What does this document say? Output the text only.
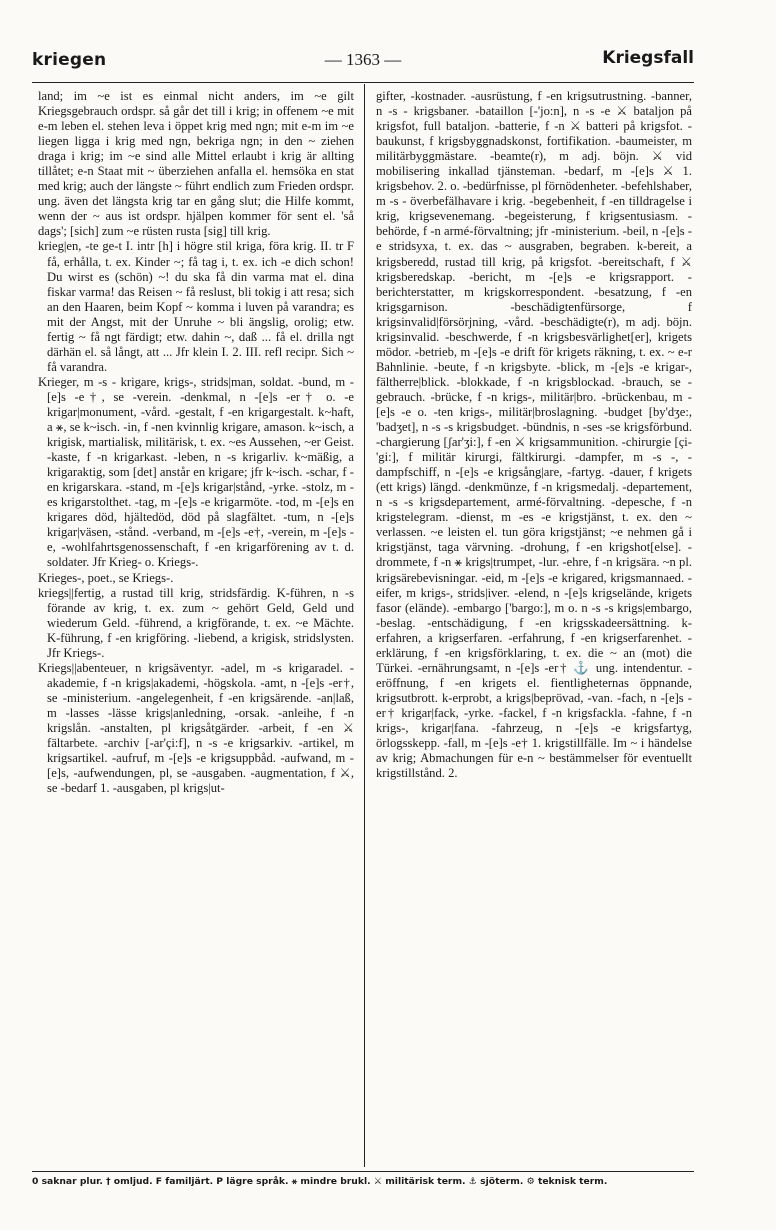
kriegen	— 1363 —	Kriegsfall

land; im ~e ist es einmal nicht anders, im ~e gilt Kriegsgebrauch ordspr. så går det till i krig; in offenem ~e mit e-m leben el. stehen leva i öppet krig med ngn; mit e-m im ~e liegen ligga i krig med ngn, bekriga ngn; in den ~ ziehen draga i krig; im ~e sind alle Mittel erlaubt i krig är allting tillåtet; e-n Staat mit ~ überziehen anfalla el. hemsöka en stat med krig; auch der längste ~ führt endlich zum Frieden ordspr. ung. även det längsta krig tar en gång slut; die Hilfe kommt, wenn der ~ aus ist ordspr. hjälpen kommer för sent el. 'så dags'; [sich] zum ~e rüsten rusta [sig] till krig.

krieg|en, -te ge-t I. intr [h] i högre stil kriga, föra krig. II. tr F få, erhålla, t. ex. Kinder ~; få tag i, t. ex. ich -e dich schon! Du wirst es (schön) ~! du ska få din varma mat el. dina fiskar varma! das Reisen ~ få reslust, bli tokig i att resa; sich an den Haaren, beim Kopf ~ komma i luven på varandra; es mit der Angst, mit der Unruhe ~ bli ängslig, orolig; etw. fertig ~ få ngt färdigt; etw. dahin ~, daß ... få el. drilla ngt därhän el. så långt, att ... Jfr klein I. 2. III. refl recipr. Sich ~ få varandra.

Krieger, m -s - krigare, krigs-, strids|man, soldat. -bund, m -[e]s -e†, se -verein. -denkmal, n -[e]s -er† o. -e krigar|monument, -vård. -gestalt, f -en krigargestalt. k~haft, a ⚹, se k~isch. -in, f -nen kvinnlig krigare, amason. k~isch, a krigisk, martialisk, militärisk, t. ex. ~es Aussehen, ~er Geist. -kaste, f -n krigarkast. -leben, n -s krigarliv. k~mäßig, a krigaraktig, som [det] anstår en krigare; jfr k~isch. -schar, f -en krigarskara. -stand, m -[e]s krigar|stånd, -yrke. -stolz, m -es krigarstolthet. -tag, m -[e]s -e krigarmöte. -tod, m -[e]s en krigares död, hjältedöd, död på slagfältet. -tum, n -[e]s krigar|väsen, -stånd. -verband, m -[e]s -e†, -verein, m -[e]s -e, -wohlfahrtsgenossenschaft, f -en krigarförening av t. d. soldater. Jfr Krieg- o. Kriegs-.

Krieges-, poet., se Kriegs-.

kriegs||fertig, a rustad till krig, stridsfärdig. K-führen, n -s förande av krig, t. ex. zum ~ gehört Geld, Geld und wiederum Geld. -führend, a krigförande, t. ex. ~e Mächte. K-führung, f -en krigföring. -liebend, a krigisk, stridslysten. Jfr Kriegs-.

Kriegs||abenteuer, n krigsäventyr. -adel, m -s krigaradel. -akademie, f -n krigs|akademi, -högskola. -amt, n -[e]s -er†, se -ministerium. -angelegenheit, f -en krigsärende. -an|laß, m -lasses -lässe krigs|anledning, -orsak. -anleihe, f -n krigslån. -anstalten, pl krigsåtgärder. -arbeit, f -en ⚔ fältarbete. -archiv [-ar'çi:f], n -s -e krigsarkiv. -artikel, m krigsartikel. -aufruf, m -[e]s -e krigsuppbåd. -aufwand, m -[e]s, -aufwendungen, pl, se -ausgaben. -augmentation, f ⚔, se -bedarf 1. -ausgaben, pl krigs|ut-

gifter, -kostnader. -ausrüstung, f -en krigsutrustning. -banner, n -s - krigsbaner. -bataillon [-'jo:n], n -s -e ⚔ bataljon på krigsfot, full bataljon. -batterie, f -n ⚔ batteri på krigsfot. -baukunst, f krigsbyggnadskonst, fortifikation. -baumeister, m militärbyggmästare. -beamte(r), m adj. böjn. ⚔ vid mobilisering inkallad tjänsteman. -bedarf, m -[e]s ⚔ 1. krigsbehov. 2. o. -bedürfnisse, pl förnödenheter. -befehlshaber, m -s - överbefälhavare i krig. -begebenheit, f -en tilldragelse i krig, krigsevenemang. -begeisterung, f krigsentusiasm. -behörde, f -n armé-förvaltning; jfr -ministerium. -beil, n -[e]s -e stridsyxa, t. ex. das ~ ausgraben, begraben. k-bereit, a krigsberedd, rustad till krig, på krigsfot. -bereitschaft, f ⚔ krigsberedskap. -bericht, m -[e]s -e krigsrapport. -berichterstatter, m krigskorrespondent. -besatzung, f -en krigsgarnison. -beschädigtenfürsorge, f krigsinvalid|försörjning, -vård. -beschädigte(r), m adj. böjn. krigsinvalid. -beschwerde, f -n krigsbesvärlighet[er], krigets mödor. -betrieb, m -[e]s -e drift för krigets räkning, t. ex. ~ e-r Bahnlinie. -beute, f -n krigsbyte. -blick, m -[e]s -e krigar-, fältherre|blick. -blokkade, f -n krigsblockad. -brauch, se -gebrauch. -brücke, f -n krigs-, militär|bro. -brückenbau, m -[e]s -e o. -ten krigs-, militär|broslagning. -budget [by'dʒe:, 'badʒet], n -s -s krigsbudget. -bündnis, n -ses -se krigsförbund. -chargierung [ʃar'ʒi:], f -en ⚔ krigsammunition. -chirurgie [çi-'gi:], f militär kirurgi, fältkirurgi. -dampfer, m -s -, -dampfschiff, n -[e]s -e krigsång|are, -fartyg. -dauer, f krigets (ett krigs) längd. -denkmünze, f -n krigsmedalj. -departement, n -s -s krigsdepartement, armé-förvaltning. -depesche, f -n krigstelegram. -dienst, m -es -e krigstjänst, t. ex. den ~ verlassen. ~e leisten el. tun göra krigstjänst; ~e nehmen gå i krigstjänst, taga värvning. -drohung, f -en krigshot[else]. -drommete, f -n ⚹ krigs|trumpet, -lur. -ehre, f -n krigsära. ~n pl. krigsärebevisningar. -eid, m -[e]s -e krigared, krigsmannaed. -eifer, m krigs-, strids|iver. -elend, n -[e]s krigselände, krigets fasor (elände). -embargo ['bargo:], m o. n -s -s krigs|embargo, -beslag. -entschädigung, f -en krigsskadeersättning. k-erfahren, a krigserfaren. -erfahrung, f -en krigserfarenhet. -erklärung, f -en krigsförklaring, t. ex. die ~ an (mot) die Türkei. -ernährungsamt, n -[e]s -er† ⚓ ung. intendentur. -eröffnung, f -en krigets el. fientligheternas öppnande, krigsutbrott. k-erprobt, a krigs|beprövad, -van. -fach, n -[e]s -er† krigar|fack, -yrke. -fackel, f -n krigsfackla. -fahne, f -n krigs-, krigar|fana. -fahrzeug, n -[e]s -e krigsfartyg, örlogsskepp. -fall, m -[e]s -e† 1. krigstillfälle. Im ~ i händelse av krig; Abmachungen für e-n ~ bestämmelser för eventuellt krigstillstånd. 2.

0 saknar plur. † omljud. F familjärt. P lägre språk. ⚹ mindre brukl. ⚔ militärisk term. ⚓ sjöterm. ⚙ teknisk term.
